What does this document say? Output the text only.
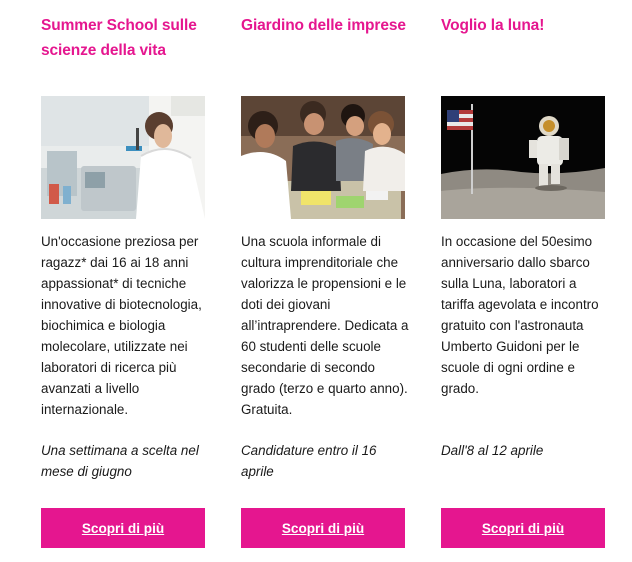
Summer School sulle scienze della vita

Un'occasione preziosa per ragazz* dai 16 ai 18 anni appassionat* di tecniche innovative di biotecnologia, biochimica e biologia molecolare, utilizzate nei laboratori di ricerca più avanzati a livello internazionale.

Una settimana a scelta nel mese di giugno

Scopri di più
Giardino delle imprese

Una scuola informale di cultura imprenditoriale che valorizza le propensioni e le doti dei giovani all’intraprendere. Dedicata a 60 studenti delle scuole secondarie di secondo grado (terzo e quarto anno). Gratuita.

Candidature entro il 16 aprile

Scopri di più
Voglio la luna!

In occasione del 50esimo anniversario dallo sbarco sulla Luna, laboratori a tariffa agevolata e incontro gratuito con l'astronauta Umberto Guidoni per le scuole di ogni ordine e grado.

Dall'8 al 12 aprile

Scopri di più
